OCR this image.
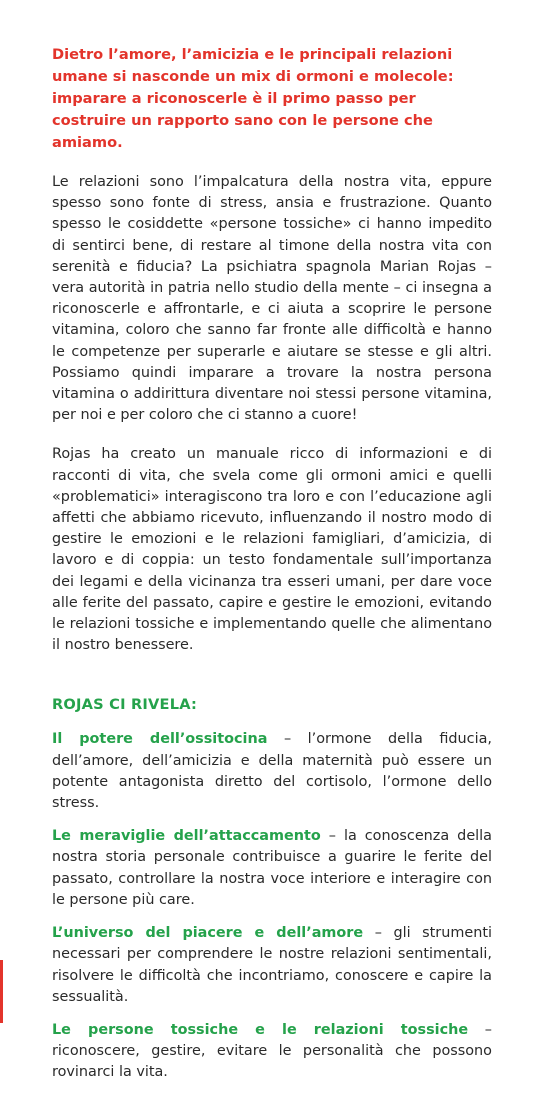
Dietro l’amore, l’amicizia e le principali relazioni umane si nasconde un mix di ormoni e molecole: imparare a riconoscerle è il primo passo per costruire un rapporto sano con le persone che amiamo.

Le relazioni sono l’impalcatura della nostra vita, eppure spesso sono fonte di stress, ansia e frustrazione. Quanto spesso le cosiddette «persone tossiche» ci hanno impedito di sentirci bene, di restare al timone della nostra vita con serenità e fiducia? La psichiatra spagnola Marian Rojas – vera autorità in patria nello studio della mente – ci insegna a riconoscerle e affrontarle, e ci aiuta a scoprire le persone vitamina, coloro che sanno far fronte alle difficoltà e hanno le competenze per superarle e aiutare se stesse e gli altri. Possiamo quindi imparare a trovare la nostra persona vitamina o addirittura diventare noi stessi persone vitamina, per noi e per coloro che ci stanno a cuore!

Rojas ha creato un manuale ricco di informazioni e di racconti di vita, che svela come gli ormoni amici e quelli «problematici» interagiscono tra loro e con l’educazione agli affetti che abbiamo ricevuto, influenzando il nostro modo di gestire le emozioni e le relazioni famigliari, d’amicizia, di lavoro e di coppia: un testo fondamentale sull’importanza dei legami e della vicinanza tra esseri umani, per dare voce alle ferite del passato, capire e gestire le emozioni, evitando le relazioni tossiche e implementando quelle che alimentano il nostro benessere.

ROJAS CI RIVELA:

Il potere dell’ossitocina – l’ormone della fiducia, dell’amore, dell’amicizia e della maternità può essere un potente antagonista diretto del cortisolo, l’ormone dello stress.

Le meraviglie dell’attaccamento – la conoscenza della nostra storia personale contribuisce a guarire le ferite del passato, controllare la nostra voce interiore e interagire con le persone più care.

L’universo del piacere e dell’amore – gli strumenti necessari per comprendere le nostre relazioni sentimentali, risolvere le difficoltà che incontriamo, conoscere e capire la sessualità.

Le persone tossiche e le relazioni tossiche – riconoscere, gestire, evitare le personalità che possono rovinarci la vita.
